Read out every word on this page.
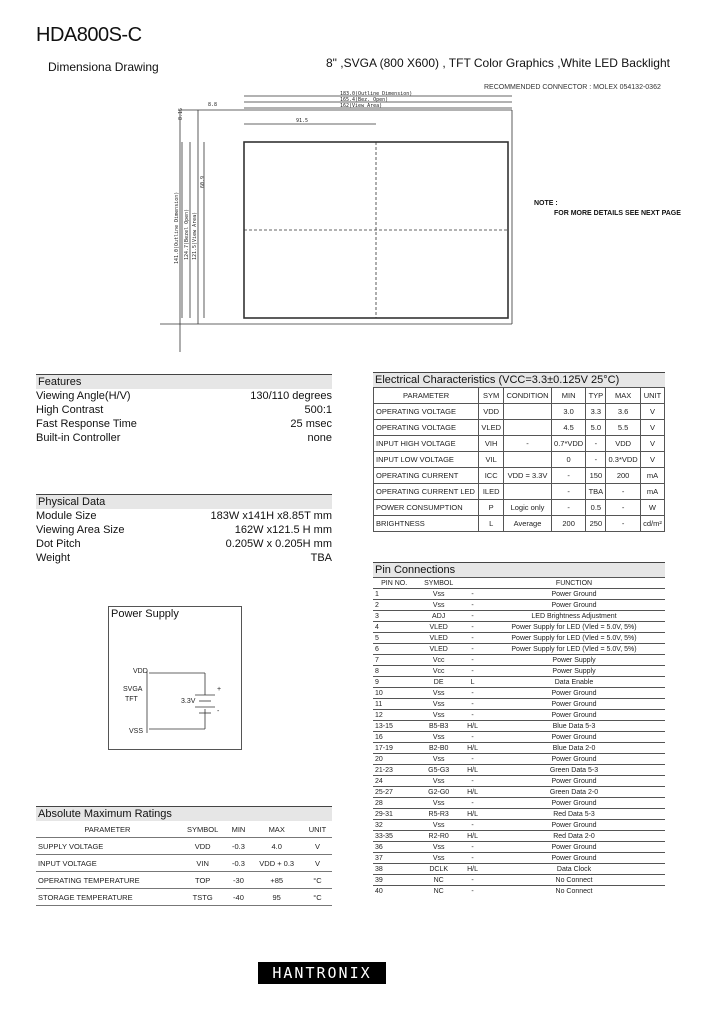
HDA800S-C
Dimensiona Drawing	8" ,SVGA (800 X600) , TFT Color Graphics ,White LED Backlight
RECOMMENDED CONNECTOR : MOLEX 054132-0362
183.0(Outline Dimension)
165.4(Bez. Open)
162(View Area)
91.5
8.8
8.15
141.0(Outline Dimension) 124.7(Bezel Open) 121.5(View Area)
60.9
NOTE :
FOR MORE DETAILS SEE NEXT PAGE
Features
Viewing Angle(H/V)	130/110 degrees
High Contrast	500:1
Fast Response Time	25 msec
Built-in Controller	none
Physical Data
Module Size	183W x141H x8.85T mm
Viewing Area Size	162W x121.5 H mm
Dot Pitch	0.205W x 0.205H mm
Weight	TBA
Electrical Characteristics (VCC=3.3±0.125V 25°C)
PARAMETER	SYM	CONDITION	MIN	TYP	MAX	UNIT
OPERATING VOLTAGE	VDD		3.0	3.3	3.6	V
OPERATING VOLTAGE	VLED		4.5	5.0	5.5	V
INPUT HIGH VOLTAGE	VIH	-	0.7*VDD	-	VDD	V
INPUT LOW VOLTAGE	VIL		0	-	0.3*VDD	V
OPERATING CURRENT	ICC	VDD = 3.3V	-	150	200	mA
OPERATING CURRENT LED	ILED		-	TBA	-	mA
POWER CONSUMPTION	P	Logic only	-	0.5	-	W
BRIGHTNESS	L	Average	200	250	-	cd/m²
Pin Connections
PIN NO.	SYMBOL		FUNCTION
1	Vss	-	Power Ground
2	Vss	-	Power Ground
3	ADJ	-	LED Brightness Adjustment
4	VLED	-	Power Supply for LED (Vled = 5.0V, 5%)
5	VLED	-	Power Supply for LED (Vled = 5.0V, 5%)
6	VLED	-	Power Supply for LED (Vled = 5.0V, 5%)
7	Vcc	-	Power Supply
8	Vcc	-	Power Supply
9	DE	L	Data Enable
10	Vss	-	Power Ground
11	Vss	-	Power Ground
12	Vss	-	Power Ground
13-15	B5-B3	H/L	Blue Data 5-3
16	Vss	-	Power Ground
17-19	B2-B0	H/L	Blue Data 2-0
20	Vss	-	Power Ground
21-23	G5-G3	H/L	Green Data 5-3
24	Vss	-	Power Ground
25-27	G2-G0	H/L	Green Data 2-0
28	Vss	-	Power Ground
29-31	R5-R3	H/L	Red Data 5-3
32	Vss	-	Power Ground
33-35	R2-R0	H/L	Red Data 2-0
36	Vss	-	Power Ground
37	Vss	-	Power Ground
38	DCLK	H/L	Data Clock
39	NC	-	No Connect
40	NC	-	No Connect
Power Supply
VDD
SVGA
TFT	3.3V
+
-
VSS
Absolute Maximum Ratings
PARAMETER	SYMBOL	MIN	MAX	UNIT
SUPPLY VOLTAGE	VDD	-0.3	4.0	V
INPUT VOLTAGE	VIN	-0.3	VDD + 0.3	V
OPERATING TEMPERATURE	TOP	-30	+85	°C
STORAGE TEMPERATURE	TSTG	-40	95	°C
HANTRONIX
